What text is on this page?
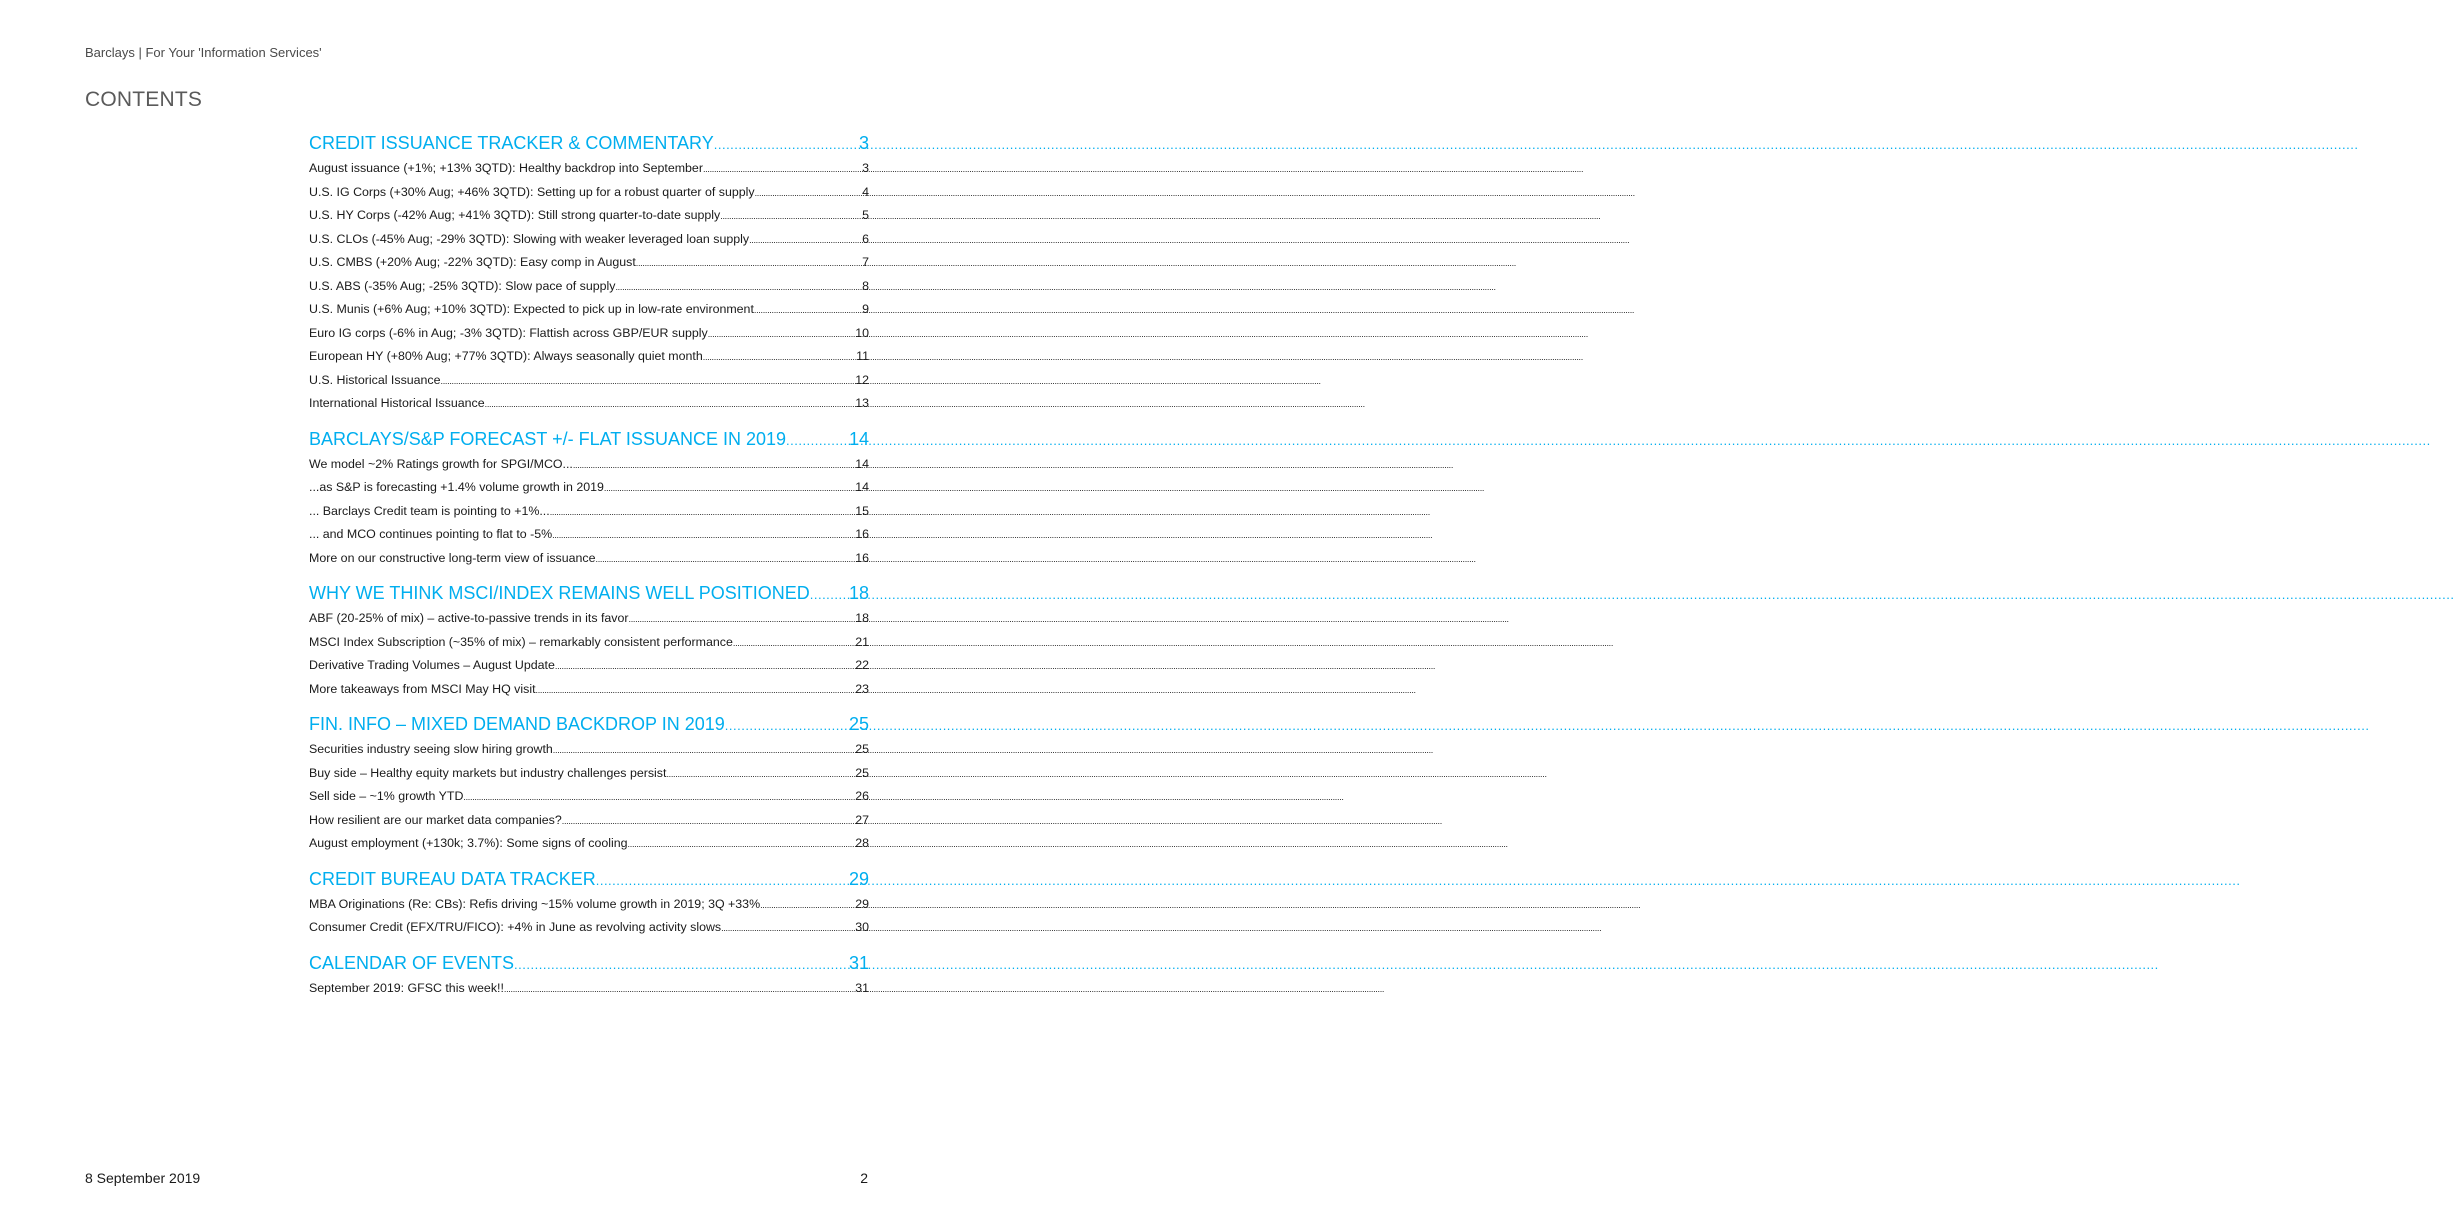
Barclays | For Your 'Information Services'
CONTENTS
CREDIT ISSUANCE TRACKER & COMMENTARY .....	3
August issuance (+1%; +13% 3QTD): Healthy backdrop into September .....	3
U.S. IG Corps (+30% Aug; +46% 3QTD): Setting up for a robust quarter of supply .....	4
U.S. HY Corps (-42% Aug; +41% 3QTD): Still strong quarter-to-date supply .....	5
U.S. CLOs (-45% Aug; -29% 3QTD): Slowing with weaker leveraged loan supply .....	6
U.S. CMBS (+20% Aug; -22% 3QTD): Easy comp in August .....	7
U.S. ABS (-35% Aug; -25% 3QTD): Slow pace of supply .....	8
U.S. Munis (+6% Aug; +10% 3QTD): Expected to pick up in low-rate environment .....	9
Euro IG corps (-6% in Aug; -3% 3QTD): Flattish across GBP/EUR supply .....	10
European HY (+80% Aug; +77% 3QTD): Always seasonally quiet month .....	11
U.S. Historical Issuance .....	12
International Historical Issuance .....	13
BARCLAYS/S&P FORECAST +/- FLAT ISSUANCE IN 2019 .....	14
We model ~2% Ratings growth for SPGI/MCO... .....	14
...as S&P is forecasting +1.4% volume growth in 2019 .....	14
... Barclays Credit team is pointing to +1%... .....	15
... and MCO continues pointing to flat to -5% .....	16
More on our constructive long-term view of issuance .....	16
WHY WE THINK MSCI/INDEX REMAINS WELL POSITIONED ..... 18
ABF (20-25% of mix) – active-to-passive trends in its favor .....	18
MSCI Index Subscription (~35% of mix) – remarkably consistent performance .....	21
Derivative Trading Volumes – August Update .....	22
More takeaways from MSCI May HQ visit .....	23
FIN. INFO – MIXED DEMAND BACKDROP IN 2019 .....	25
Securities industry seeing slow hiring growth .....	25
Buy side – Healthy equity markets but industry challenges persist .....	25
Sell side – ~1% growth YTD .....	26
How resilient are our market data companies? .....	27
August employment (+130k; 3.7%): Some signs of cooling .....	28
CREDIT BUREAU DATA TRACKER .....	29
MBA Originations (Re: CBs): Refis driving ~15% volume growth in 2019; 3Q +33% .....	29
Consumer Credit (EFX/TRU/FICO): +4% in June as revolving activity slows .....	30
CALENDAR OF EVENTS .....	31
September 2019: GFSC this week!! .....	31
8 September 2019	2
